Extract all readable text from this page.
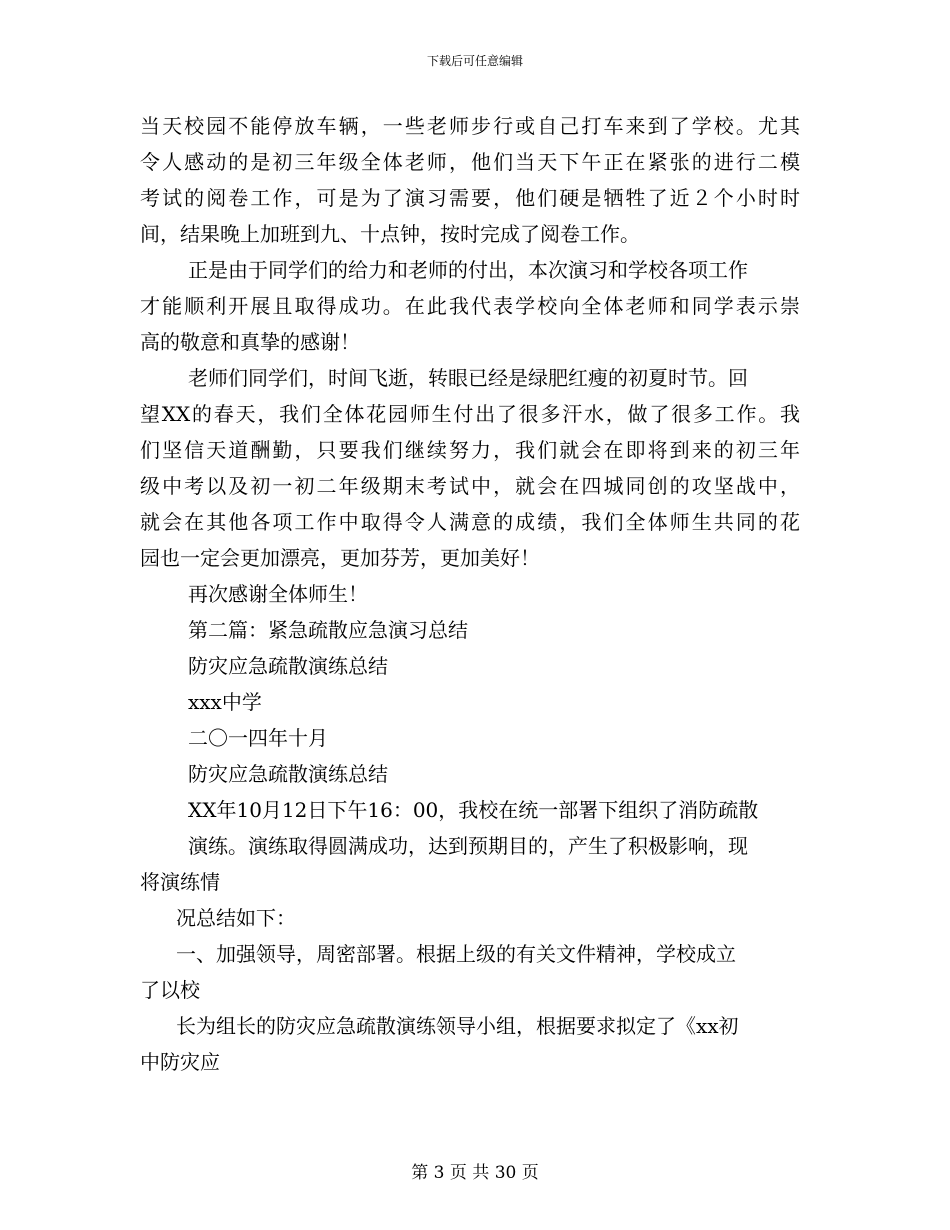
下载后可任意编辑
当天校园不能停放车辆，一些老师步行或自己打车来到了学校。尤其
令人感动的是初三年级全体老师，他们当天下午正在紧张的进行二模
考试的阅卷工作，可是为了演习需要，他们硬是牺牲了近２个小时时
间，结果晚上加班到九、十点钟，按时完成了阅卷工作。
正是由于同学们的给力和老师的付出，本次演习和学校各项工作
才能顺利开展且取得成功。在此我代表学校向全体老师和同学表示崇
高的敬意和真挚的感谢！
老师们同学们，时间飞逝，转眼已经是绿肥红瘦的初夏时节。回
望XX的春天，我们全体花园师生付出了很多汗水，做了很多工作。我
们坚信天道酬勤，只要我们继续努力，我们就会在即将到来的初三年
级中考以及初一初二年级期末考试中，就会在四城同创的攻坚战中，
就会在其他各项工作中取得令人满意的成绩，我们全体师生共同的花
园也一定会更加漂亮，更加芬芳，更加美好！
再次感谢全体师生！
第二篇：紧急疏散应急演习总结
防灾应急疏散演练总结
xxx中学
二〇一四年十月
防灾应急疏散演练总结
XX年10月12日下午16：00，我校在统一部署下组织了消防疏散
演练。演练取得圆满成功，达到预期目的，产生了积极影响，现
将演练情
况总结如下：
一、加强领导，周密部署。根据上级的有关文件精神，学校成立
了以校
长为组长的防灾应急疏散演练领导小组，根据要求拟定了《xx初
中防灾应
第 3 页 共 30 页
